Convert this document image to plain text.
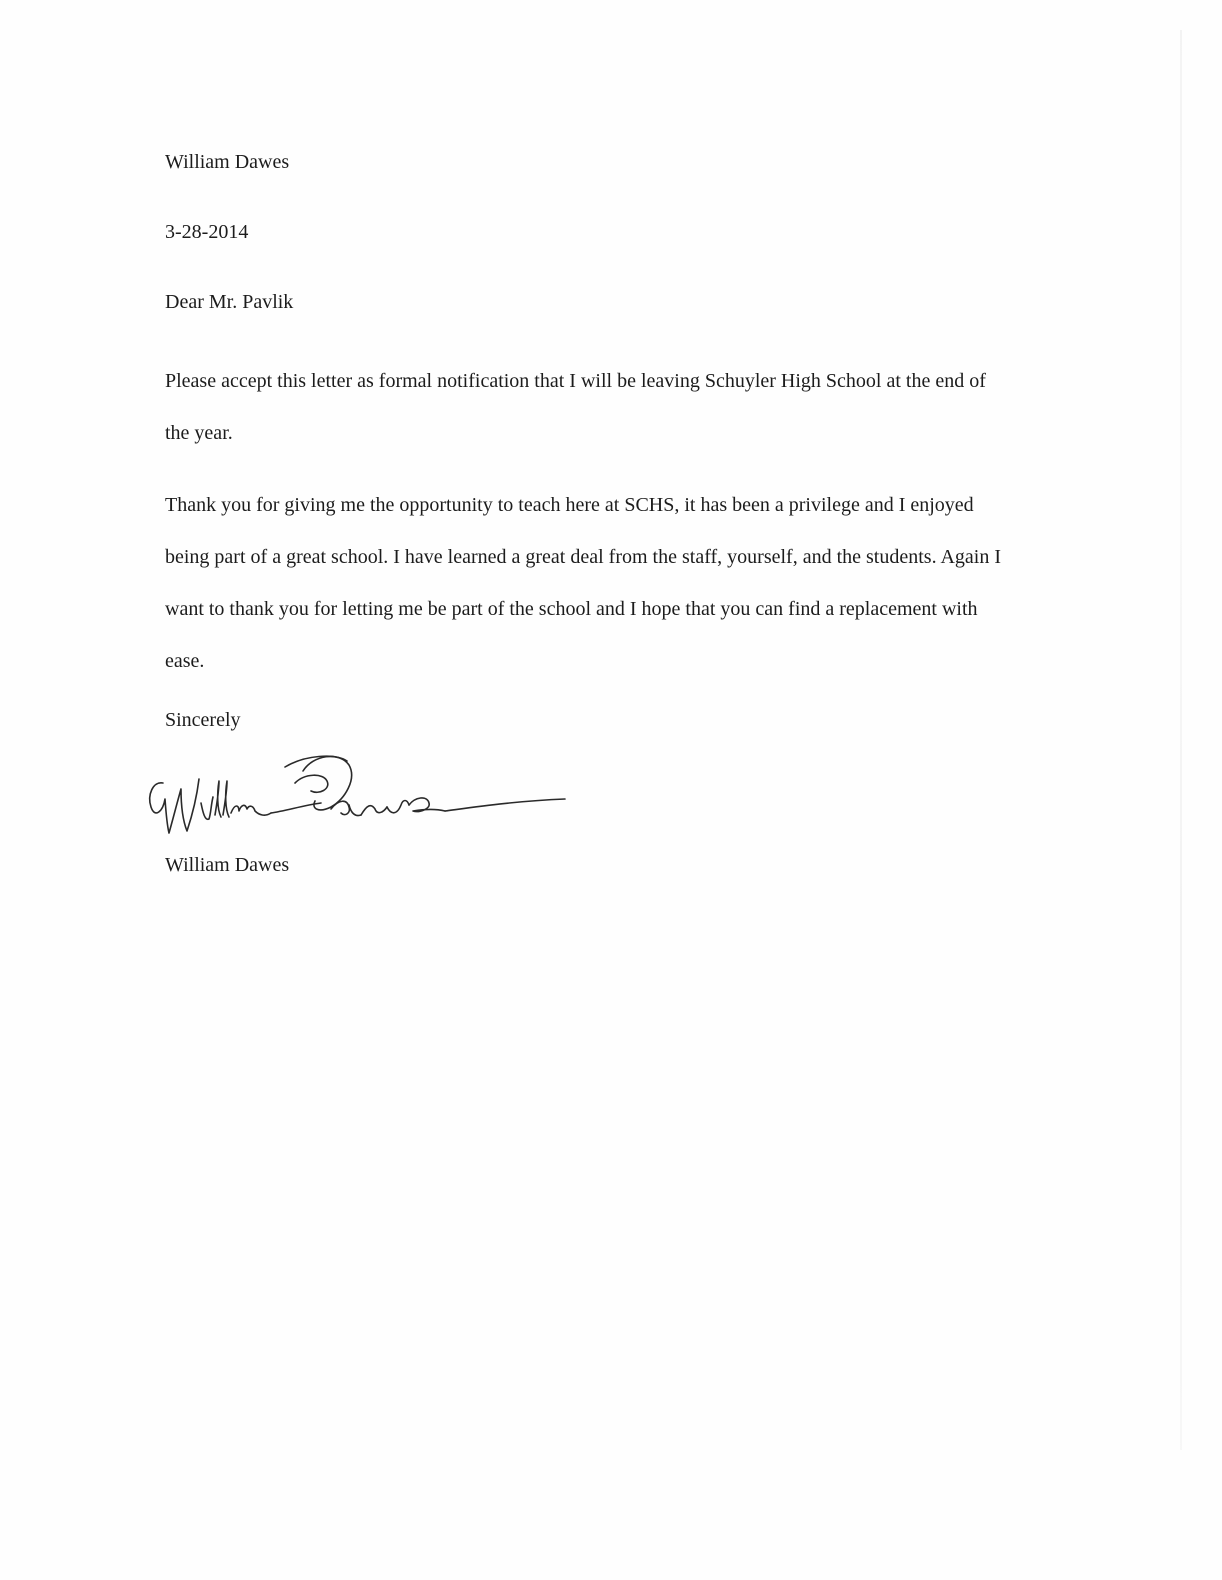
William Dawes

3-28-2014

Dear Mr. Pavlik

Please accept this letter as formal notification that I will be leaving Schuyler High School at the end of the year.

Thank you for giving me the opportunity to teach here at SCHS, it has been a privilege and I enjoyed being part of a great school. I have learned a great deal from the staff, yourself, and the students. Again I want to thank you for letting me be part of the school and I hope that you can find a replacement with ease.

Sincerely

William Dawes
